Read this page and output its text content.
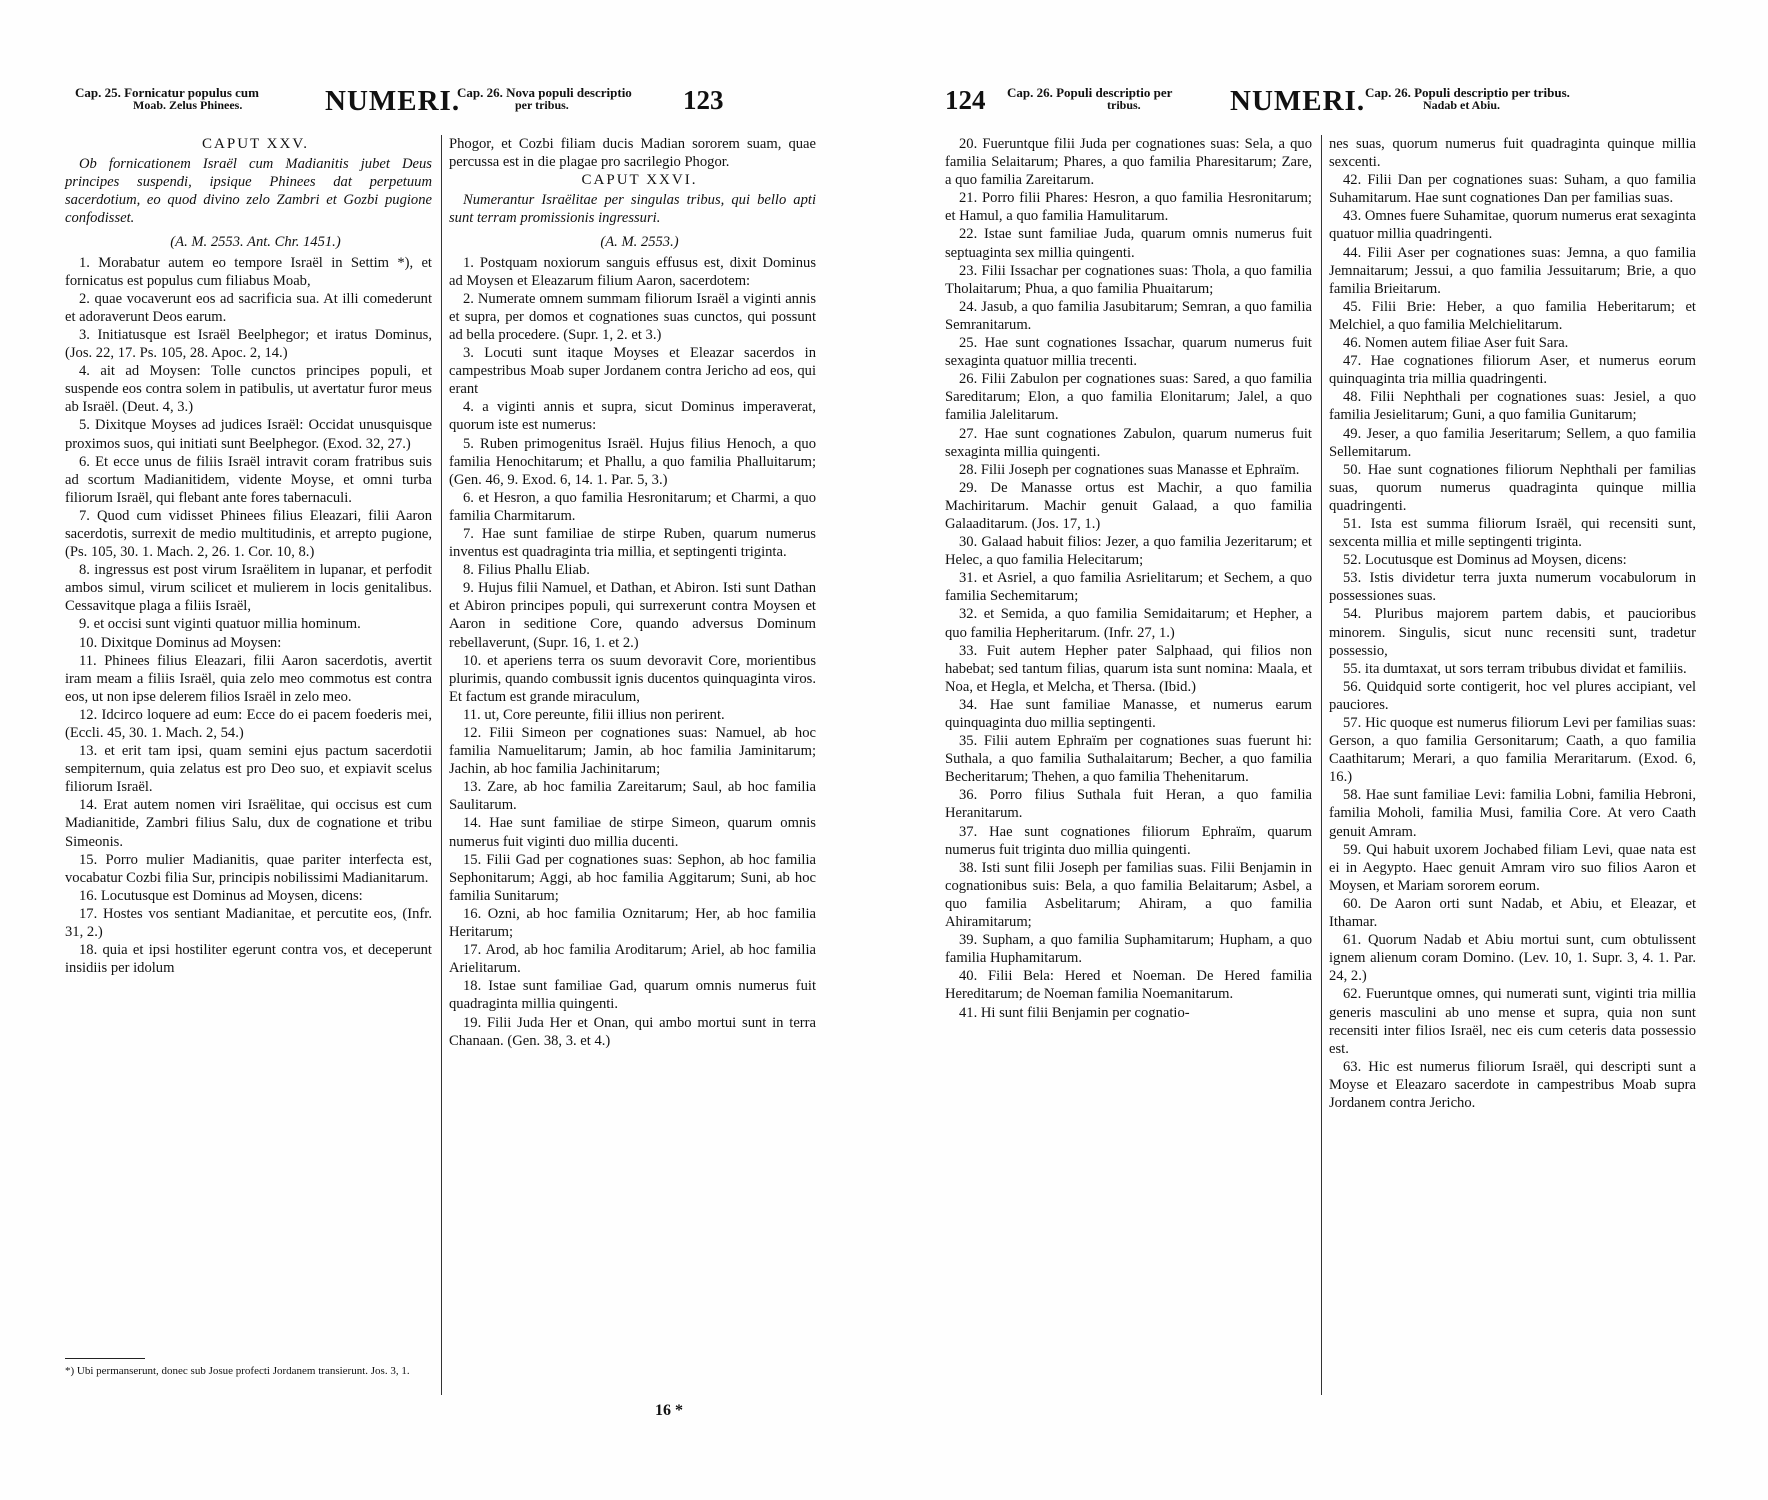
Cap. 25. Fornicatur populus cum
Moab. Zelus Phinees.	NUMERI.
Cap. 26. Nova populi descriptio
per tribus.	123

CAPUT XXV.

Ob fornicationem Israël cum Madianitis jubet Deus principes suspendi, ipsique Phinees dat perpetuum sacerdotium, eo quod divino zelo Zambri et Gozbi pugione confodisset.

(A. M. 2553. Ant. Chr. 1451.)

1. Morabatur autem eo tempore Israël in Settim *), et fornicatus est populus cum filiabus Moab,

2. quae vocaverunt eos ad sacrificia sua. At illi comederunt et adoraverunt Deos earum.

3. Initiatusque est Israël Beelphegor; et iratus Dominus, (Jos. 22, 17. Ps. 105, 28. Apoc. 2, 14.)

4. ait ad Moysen: Tolle cunctos principes populi, et suspende eos contra solem in patibulis, ut avertatur furor meus ab Israël. (Deut. 4, 3.)

5. Dixitque Moyses ad judices Israël: Occidat unusquisque proximos suos, qui initiati sunt Beelphegor. (Exod. 32, 27.)

6. Et ecce unus de filiis Israël intravit coram fratribus suis ad scortum Madianitidem, vidente Moyse, et omni turba filiorum Israël, qui flebant ante fores tabernaculi.

7. Quod cum vidisset Phinees filius Eleazari, filii Aaron sacerdotis, surrexit de medio multitudinis, et arrepto pugione, (Ps. 105, 30. 1. Mach. 2, 26. 1. Cor. 10, 8.)

8. ingressus est post virum Israëlitem in lupanar, et perfodit ambos simul, virum scilicet et mulierem in locis genitalibus. Cessavitque plaga a filiis Israël,

9. et occisi sunt viginti quatuor millia hominum.

10. Dixitque Dominus ad Moysen:

11. Phinees filius Eleazari, filii Aaron sacerdotis, avertit iram meam a filiis Israël, quia zelo meo commotus est contra eos, ut non ipse delerem filios Israël in zelo meo.

12. Idcirco loquere ad eum: Ecce do ei pacem foederis mei, (Eccli. 45, 30. 1. Mach. 2, 54.)

13. et erit tam ipsi, quam semini ejus pactum sacerdotii sempiternum, quia zelatus est pro Deo suo, et expiavit scelus filiorum Israël.

14. Erat autem nomen viri Israëlitae, qui occisus est cum Madianitide, Zambri filius Salu, dux de cognatione et tribu Simeonis.

15. Porro mulier Madianitis, quae pariter interfecta est, vocabatur Cozbi filia Sur, principis nobilissimi Madianitarum.

16. Locutusque est Dominus ad Moysen, dicens:

17. Hostes vos sentiant Madianitae, et percutite eos, (Infr. 31, 2.)

18. quia et ipsi hostiliter egerunt contra vos, et deceperunt insidiis per idolum

Phogor, et Cozbi filiam ducis Madian sororem suam, quae percussa est in die plagae pro sacrilegio Phogor.

CAPUT XXVI.

Numerantur Israëlitae per singulas tribus, qui bello apti sunt terram promissionis ingressuri.

(A. M. 2553.)

1. Postquam noxiorum sanguis effusus est, dixit Dominus ad Moysen et Eleazarum filium Aaron, sacerdotem:

2. Numerate omnem summam filiorum Israël a viginti annis et supra, per domos et cognationes suas cunctos, qui possunt ad bella procedere. (Supr. 1, 2. et 3.)

3. Locuti sunt itaque Moyses et Eleazar sacerdos in campestribus Moab super Jordanem contra Jericho ad eos, qui erant

4. a viginti annis et supra, sicut Dominus imperaverat, quorum iste est numerus:

5. Ruben primogenitus Israël. Hujus filius Henoch, a quo familia Henochitarum; et Phallu, a quo familia Phalluitarum; (Gen. 46, 9. Exod. 6, 14. 1. Par. 5, 3.)

6. et Hesron, a quo familia Hesronitarum; et Charmi, a quo familia Charmitarum.

7. Hae sunt familiae de stirpe Ruben, quarum numerus inventus est quadraginta tria millia, et septingenti triginta.

8. Filius Phallu Eliab.

9. Hujus filii Namuel, et Dathan, et Abiron. Isti sunt Dathan et Abiron principes populi, qui surrexerunt contra Moysen et Aaron in seditione Core, quando adversus Dominum rebellaverunt, (Supr. 16, 1. et 2.)

10. et aperiens terra os suum devoravit Core, morientibus plurimis, quando combussit ignis ducentos quinquaginta viros. Et factum est grande miraculum,

11. ut, Core pereunte, filii illius non perirent.

12. Filii Simeon per cognationes suas: Namuel, ab hoc familia Namuelitarum; Jamin, ab hoc familia Jaminitarum; Jachin, ab hoc familia Jachinitarum;

13. Zare, ab hoc familia Zareitarum; Saul, ab hoc familia Saulitarum.

14. Hae sunt familiae de stirpe Simeon, quarum omnis numerus fuit viginti duo millia ducenti.

15. Filii Gad per cognationes suas: Sephon, ab hoc familia Sephonitarum; Aggi, ab hoc familia Aggitarum; Suni, ab hoc familia Sunitarum;

16. Ozni, ab hoc familia Oznitarum; Her, ab hoc familia Heritarum;

17. Arod, ab hoc familia Aroditarum; Ariel, ab hoc familia Arielitarum.

18. Istae sunt familiae Gad, quarum omnis numerus fuit quadraginta millia quingenti.

19. Filii Juda Her et Onan, qui ambo mortui sunt in terra Chanaan. (Gen. 38, 3. et 4.)

*) Ubi permanserunt, donec sub Josue profecti Jordanem transierunt. Jos. 3, 1.
16 *
124 Cap. 26. Populi descriptio per
tribus.	NUMERI. Cap. 26. Populi descriptio per tribus.
Nadab et Abiu.

20. Fueruntque filii Juda per cognationes suas: Sela, a quo familia Selaitarum; Phares, a quo familia Pharesitarum; Zare, a quo familia Zareitarum.

21. Porro filii Phares: Hesron, a quo familia Hesronitarum; et Hamul, a quo familia Hamulitarum.

22. Istae sunt familiae Juda, quarum omnis numerus fuit septuaginta sex millia quingenti.

23. Filii Issachar per cognationes suas: Thola, a quo familia Tholaitarum; Phua, a quo familia Phuaitarum;

24. Jasub, a quo familia Jasubitarum; Semran, a quo familia Semranitarum.

25. Hae sunt cognationes Issachar, quarum numerus fuit sexaginta quatuor millia trecenti.

26. Filii Zabulon per cognationes suas: Sared, a quo familia Sareditarum; Elon, a quo familia Elonitarum; Jalel, a quo familia Jalelitarum.

27. Hae sunt cognationes Zabulon, quarum numerus fuit sexaginta millia quingenti.

28. Filii Joseph per cognationes suas Manasse et Ephraïm.

29. De Manasse ortus est Machir, a quo familia Machiritarum. Machir genuit Galaad, a quo familia Galaaditarum. (Jos. 17, 1.)

30. Galaad habuit filios: Jezer, a quo familia Jezeritarum; et Helec, a quo familia Helecitarum;

31. et Asriel, a quo familia Asrielitarum; et Sechem, a quo familia Sechemitarum;

32. et Semida, a quo familia Semidaitarum; et Hepher, a quo familia Hepheritarum. (Infr. 27, 1.)

33. Fuit autem Hepher pater Salphaad, qui filios non habebat; sed tantum filias, quarum ista sunt nomina: Maala, et Noa, et Hegla, et Melcha, et Thersa. (Ibid.)

34. Hae sunt familiae Manasse, et numerus earum quinquaginta duo millia septingenti.

35. Filii autem Ephraïm per cognationes suas fuerunt hi: Suthala, a quo familia Suthalaitarum; Becher, a quo familia Becheritarum; Thehen, a quo familia Thehenitarum.

36. Porro filius Suthala fuit Heran, a quo familia Heranitarum.

37. Hae sunt cognationes filiorum Ephraïm, quarum numerus fuit triginta duo millia quingenti.

38. Isti sunt filii Joseph per familias suas. Filii Benjamin in cognationibus suis: Bela, a quo familia Belaitarum; Asbel, a quo familia Asbelitarum; Ahiram, a quo familia Ahiramitarum;

39. Supham, a quo familia Suphamitarum; Hupham, a quo familia Huphamitarum.

40. Filii Bela: Hered et Noeman. De Hered familia Hereditarum; de Noeman familia Noemanitarum.

41. Hi sunt filii Benjamin per cognatio-

nes suas, quorum numerus fuit quadraginta quinque millia sexcenti.

42. Filii Dan per cognationes suas: Suham, a quo familia Suhamitarum. Hae sunt cognationes Dan per familias suas.

43. Omnes fuere Suhamitae, quorum numerus erat sexaginta quatuor millia quadringenti.

44. Filii Aser per cognationes suas: Jemna, a quo familia Jemnaitarum; Jessui, a quo familia Jessuitarum; Brie, a quo familia Brieitarum.

45. Filii Brie: Heber, a quo familia Heberitarum; et Melchiel, a quo familia Melchielitarum.

46. Nomen autem filiae Aser fuit Sara.

47. Hae cognationes filiorum Aser, et numerus eorum quinquaginta tria millia quadringenti.

48. Filii Nephthali per cognationes suas: Jesiel, a quo familia Jesielitarum; Guni, a quo familia Gunitarum;

49. Jeser, a quo familia Jeseritarum; Sellem, a quo familia Sellemitarum.

50. Hae sunt cognationes filiorum Nephthali per familias suas, quorum numerus quadraginta quinque millia quadringenti.

51. Ista est summa filiorum Israël, qui recensiti sunt, sexcenta millia et mille septingenti triginta.

52. Locutusque est Dominus ad Moysen, dicens:

53. Istis dividetur terra juxta numerum vocabulorum in possessiones suas.

54. Pluribus majorem partem dabis, et paucioribus minorem. Singulis, sicut nunc recensiti sunt, tradetur possessio,

55. ita dumtaxat, ut sors terram tribubus dividat et familiis.

56. Quidquid sorte contigerit, hoc vel plures accipiant, vel pauciores.

57. Hic quoque est numerus filiorum Levi per familias suas: Gerson, a quo familia Gersonitarum; Caath, a quo familia Caathitarum; Merari, a quo familia Meraritarum. (Exod. 6, 16.)

58. Hae sunt familiae Levi: familia Lobni, familia Hebroni, familia Moholi, familia Musi, familia Core. At vero Caath genuit Amram.

59. Qui habuit uxorem Jochabed filiam Levi, quae nata est ei in Aegypto. Haec genuit Amram viro suo filios Aaron et Moysen, et Mariam sororem eorum.

60. De Aaron orti sunt Nadab, et Abiu, et Eleazar, et Ithamar.

61. Quorum Nadab et Abiu mortui sunt, cum obtulissent ignem alienum coram Domino. (Lev. 10, 1. Supr. 3, 4. 1. Par. 24, 2.)

62. Fueruntque omnes, qui numerati sunt, viginti tria millia generis masculini ab uno mense et supra, quia non sunt recensiti inter filios Israël, nec eis cum ceteris data possessio est.

63. Hic est numerus filiorum Israël, qui descripti sunt a Moyse et Eleazaro sacerdote in campestribus Moab supra Jordanem contra Jericho.
